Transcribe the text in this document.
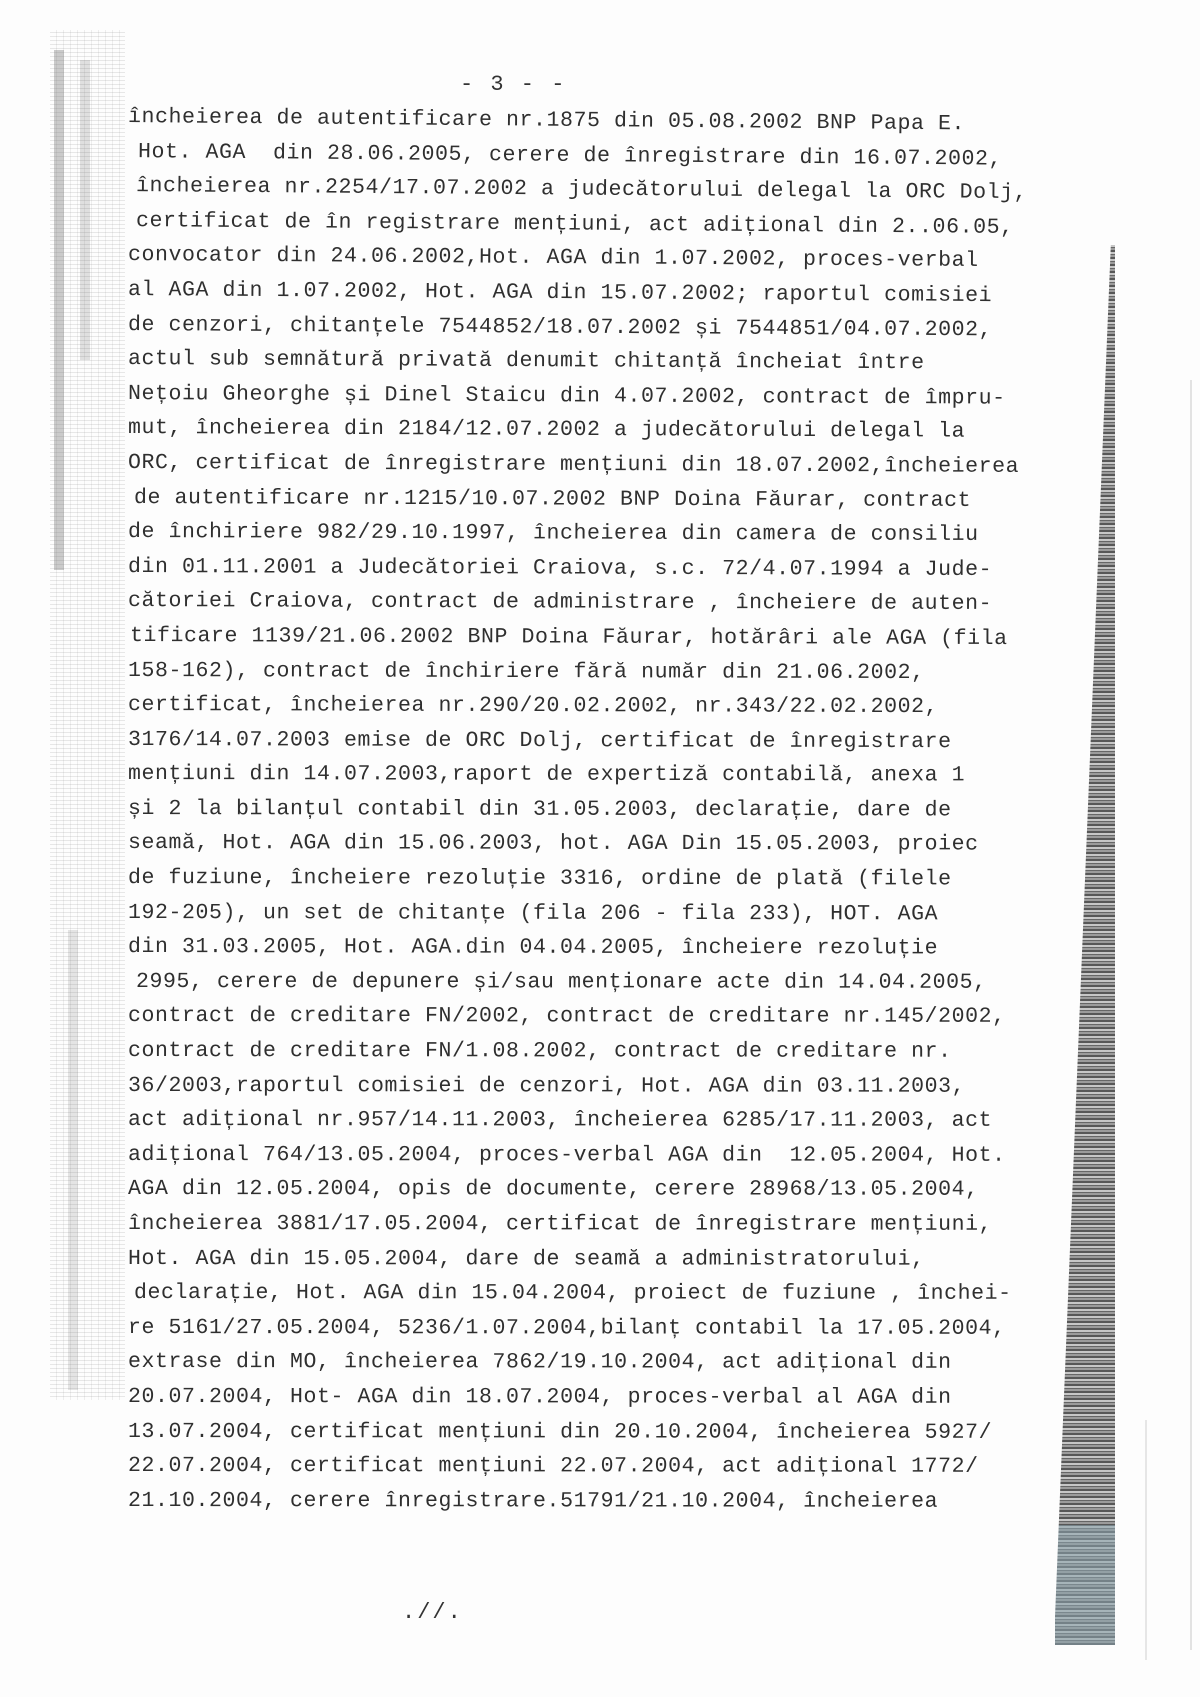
- 3 - -
încheierea de autentificare nr.1875 din 05.08.2002 BNP Papa E.
Hot. AGA  din 28.06.2005, cerere de înregistrare din 16.07.2002,
încheierea nr.2254/17.07.2002 a judecătorului delegal la ORC Dolj,
certificat de în registrare mențiuni, act adițional din 2..06.05,
convocator din 24.06.2002,Hot. AGA din 1.07.2002, proces-verbal
al AGA din 1.07.2002, Hot. AGA din 15.07.2002; raportul comisiei
de cenzori, chitanțele 7544852/18.07.2002 și 7544851/04.07.2002,
actul sub semnătură privată denumit chitanță încheiat între
Nețoiu Gheorghe și Dinel Staicu din 4.07.2002, contract de împru-
mut, încheierea din 2184/12.07.2002 a judecătorului delegal la
ORC, certificat de înregistrare mențiuni din 18.07.2002,încheierea
de autentificare nr.1215/10.07.2002 BNP Doina Făurar, contract
de închiriere 982/29.10.1997, încheierea din camera de consiliu
din 01.11.2001 a Judecătoriei Craiova, s.c. 72/4.07.1994 a Jude-
cătoriei Craiova, contract de administrare , încheiere de auten-
tificare 1139/21.06.2002 BNP Doina Făurar, hotărâri ale AGA (fila
158-162), contract de închiriere fără număr din 21.06.2002,
certificat, încheierea nr.290/20.02.2002, nr.343/22.02.2002,
3176/14.07.2003 emise de ORC Dolj, certificat de înregistrare
mențiuni din 14.07.2003,raport de expertiză contabilă, anexa 1
și 2 la bilanțul contabil din 31.05.2003, declarație, dare de
seamă, Hot. AGA din 15.06.2003, hot. AGA Din 15.05.2003, proiec
de fuziune, încheiere rezoluție 3316, ordine de plată (filele
192-205), un set de chitanțe (fila 206 - fila 233), HOT. AGA
din 31.03.2005, Hot. AGA.din 04.04.2005, încheiere rezoluție
2995, cerere de depunere și/sau menționare acte din 14.04.2005,
contract de creditare FN/2002, contract de creditare nr.145/2002,
contract de creditare FN/1.08.2002, contract de creditare nr.
36/2003,raportul comisiei de cenzori, Hot. AGA din 03.11.2003,
act adițional nr.957/14.11.2003, încheierea 6285/17.11.2003, act
adițional 764/13.05.2004, proces-verbal AGA din  12.05.2004, Hot.
AGA din 12.05.2004, opis de documente, cerere 28968/13.05.2004,
încheierea 3881/17.05.2004, certificat de înregistrare mențiuni,
Hot. AGA din 15.05.2004, dare de seamă a administratorului,
declarație, Hot. AGA din 15.04.2004, proiect de fuziune , închei-
re 5161/27.05.2004, 5236/1.07.2004,bilanț contabil la 17.05.2004,
extrase din MO, încheierea 7862/19.10.2004, act adițional din
20.07.2004, Hot- AGA din 18.07.2004, proces-verbal al AGA din
13.07.2004, certificat mențiuni din 20.10.2004, încheierea 5927/
22.07.2004, certificat mențiuni 22.07.2004, act adițional 1772/
21.10.2004, cerere înregistrare.51791/21.10.2004, încheierea
.//.
